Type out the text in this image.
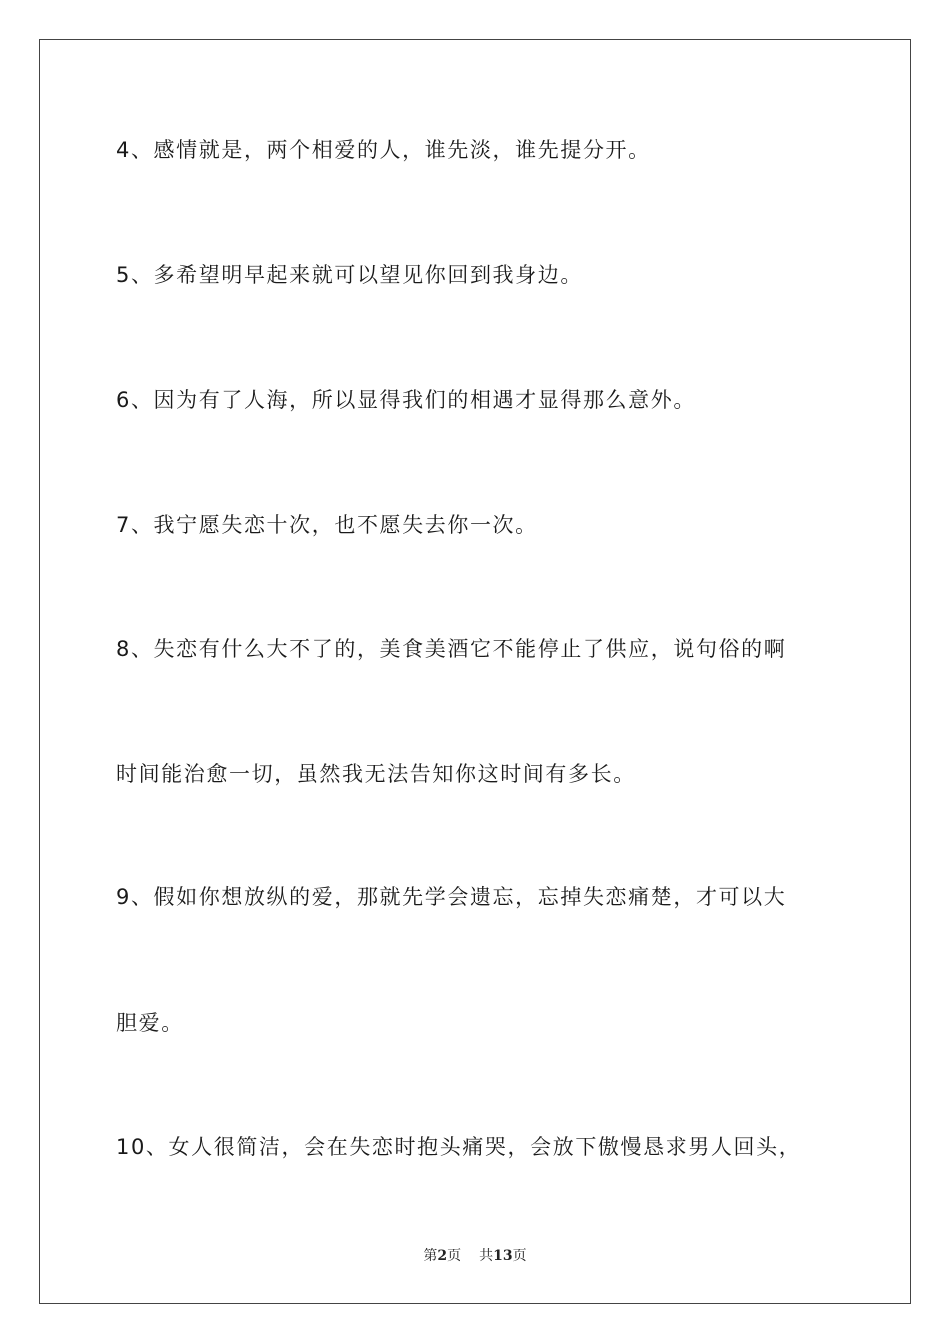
4、感情就是，两个相爱的人，谁先淡，谁先提分开。
5、多希望明早起来就可以望见你回到我身边。
6、因为有了人海，所以显得我们的相遇才显得那么意外。
7、我宁愿失恋十次，也不愿失去你一次。
8、失恋有什么大不了的，美食美酒它不能停止了供应，说句俗的啊
时间能治愈一切，虽然我无法告知你这时间有多长。
9、假如你想放纵的爱，那就先学会遗忘，忘掉失恋痛楚，才可以大
胆爱。
10、女人很简洁，会在失恋时抱头痛哭，会放下傲慢恳求男人回头，
第2页 共13页
